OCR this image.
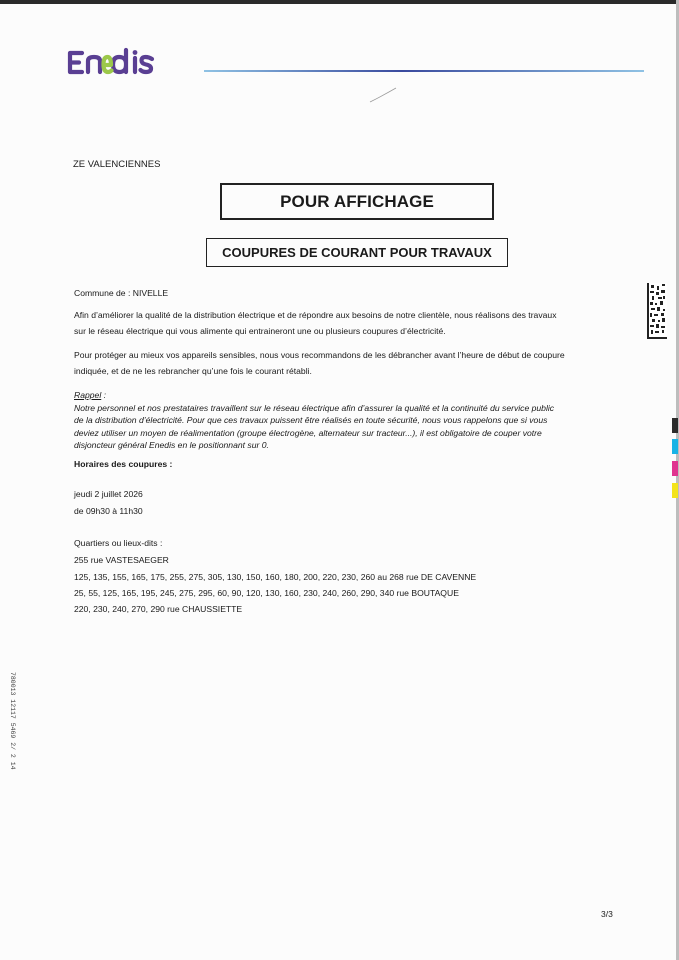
ZE VALENCIENNES
POUR AFFICHAGE
COUPURES DE COURANT POUR TRAVAUX
Commune de : NIVELLE
Afin d’améliorer la qualité de la distribution électrique et de répondre aux besoins de notre clientèle, nous réalisons des travaux
sur le réseau électrique qui vous alimente qui entraineront une ou plusieurs coupures d’électricité.
Pour protéger au mieux vos appareils sensibles, nous vous recommandons de les débrancher avant l’heure de début de coupure
indiquée, et de ne les rebrancher qu’une fois le courant rétabli.
Rappel :
Notre personnel et nos prestataires travaillent sur le réseau électrique afin d’assurer la qualité et la continuité du service public
de la distribution d’électricité. Pour que ces travaux puissent être réalisés en toute sécurité, nous vous rappelons que si vous
deviez utiliser un moyen de réalimentation (groupe électrogène, alternateur sur tracteur...), il est obligatoire de couper votre
disjoncteur général Enedis en le positionnant sur 0.
Horaires des coupures :
jeudi 2 juillet 2026
de 09h30 à 11h30
Quartiers ou lieux-dits :
255 rue VASTESAEGER
125, 135, 155, 165, 175, 255, 275, 305, 130, 150, 160, 180, 200, 220, 230, 260 au 268 rue DE CAVENNE
25, 55, 125, 165, 195, 245, 275, 295, 60, 90, 120, 130, 160, 230, 240, 260, 290, 340 rue BOUTAQUE
220, 230, 240, 270, 290 rue CHAUSSIETTE
780013 12117 5469 2/ 2 14
3/3
